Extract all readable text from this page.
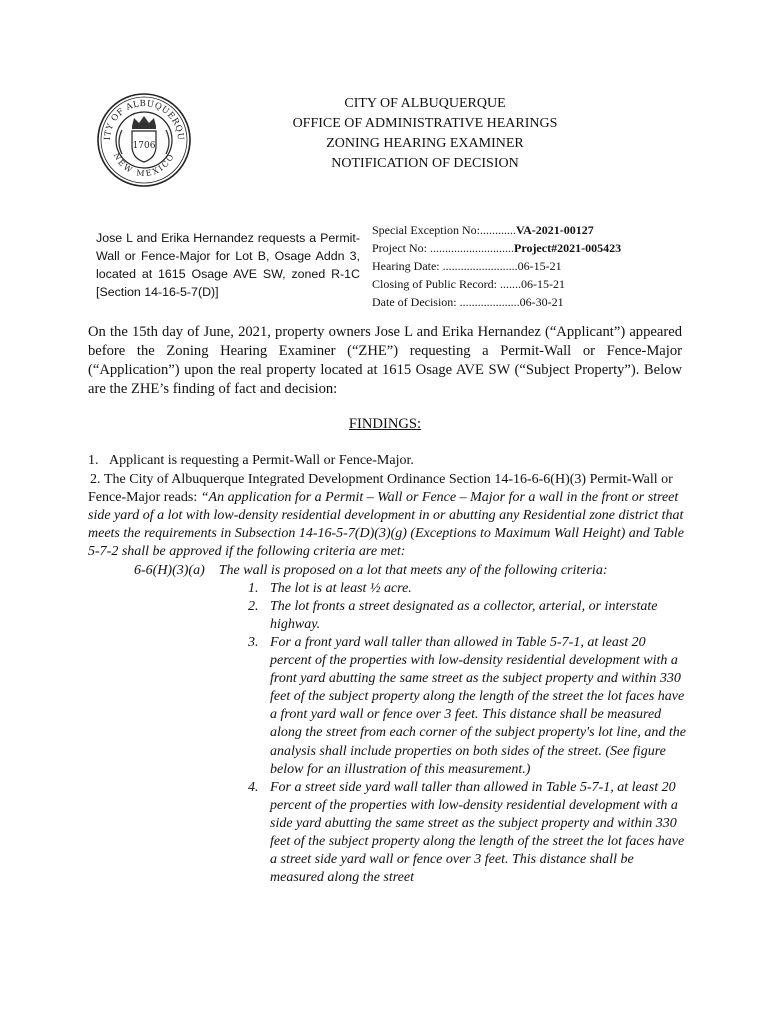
ITY OF ALBUQUERQU
NEW MEXICO
1706
CITY OF ALBUQUERQUE
OFFICE OF ADMINISTRATIVE HEARINGS
ZONING HEARING EXAMINER
NOTIFICATION OF DECISION
Jose L and Erika Hernandez requests a Permit-Wall or Fence-Major for Lot B, Osage Addn 3, located at 1615 Osage AVE SW, zoned R-1C [Section 14-16-5-7(D)]
Special Exception No:............VA-2021-00127
Project No: ............................Project#2021-005423
Hearing Date: .........................06-15-21
Closing of Public Record: .......06-15-21
Date of Decision: ....................06-30-21
On the 15th day of June, 2021, property owners Jose L and Erika Hernandez (“Applicant”) appeared before the Zoning Hearing Examiner (“ZHE”) requesting a Permit-Wall or Fence-Major (“Application”) upon the real property located at 1615 Osage AVE SW (“Subject Property”). Below are the ZHE’s finding of fact and decision:
FINDINGS:
1. Applicant is requesting a Permit-Wall or Fence-Major.
2. The City of Albuquerque Integrated Development Ordinance Section 14-16-6-6(H)(3) Permit-Wall or Fence-Major reads: “An application for a Permit – Wall or Fence – Major for a wall in the front or street side yard of a lot with low-density residential development in or abutting any Residential zone district that meets the requirements in Subsection 14-16-5-7(D)(3)(g) (Exceptions to Maximum Wall Height) and Table 5-7-2 shall be approved if the following criteria are met:
6-6(H)(3)(a)    The wall is proposed on a lot that meets any of the following criteria:
1. The lot is at least ½ acre.
2. The lot fronts a street designated as a collector, arterial, or interstate highway.
3. For a front yard wall taller than allowed in Table 5-7-1, at least 20 percent of the properties with low-density residential development with a front yard abutting the same street as the subject property and within 330 feet of the subject property along the length of the street the lot faces have a front yard wall or fence over 3 feet. This distance shall be measured along the street from each corner of the subject property's lot line, and the analysis shall include properties on both sides of the street. (See figure below for an illustration of this measurement.)
4. For a street side yard wall taller than allowed in Table 5-7-1, at least 20 percent of the properties with low-density residential development with a side yard abutting the same street as the subject property and within 330 feet of the subject property along the length of the street the lot faces have a street side yard wall or fence over 3 feet. This distance shall be measured along the street
